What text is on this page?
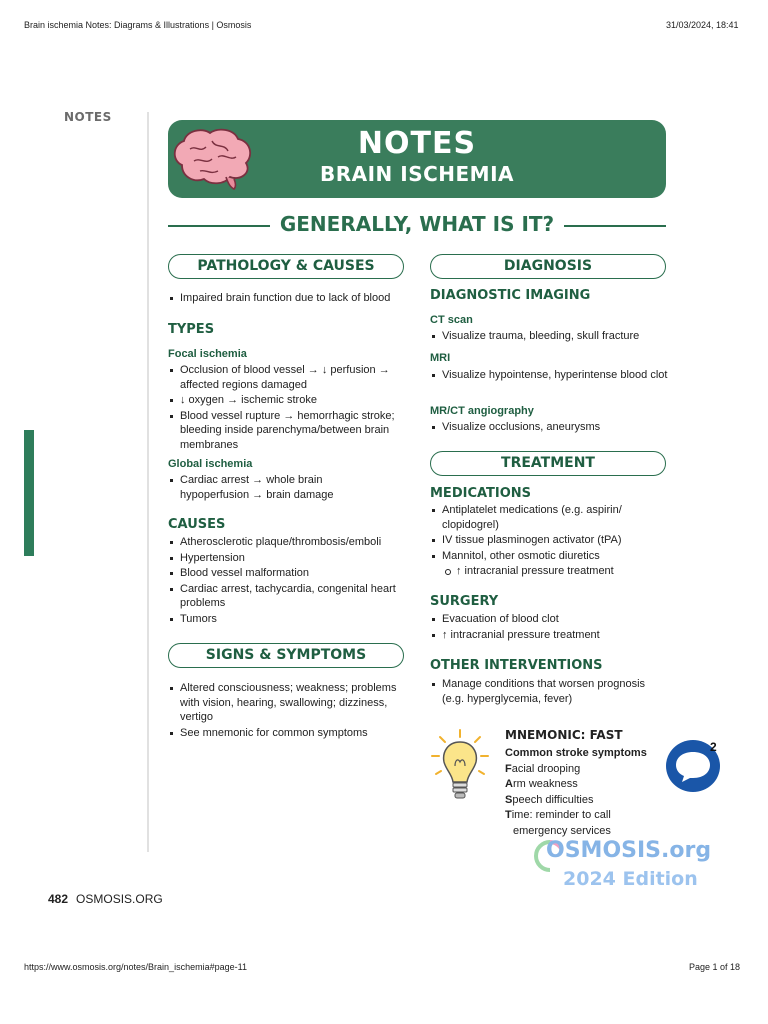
Brain ischemia Notes: Diagrams & Illustrations | Osmosis	31/03/2024, 18:41
https://www.osmosis.org/notes/Brain_ischemia#page-11	Page 1 of 18
NOTES
NOTES
BRAIN ISCHEMIA
GENERALLY, WHAT IS IT?
PATHOLOGY & CAUSES
Impaired brain function due to lack of blood
TYPES
Focal ischemia
Occlusion of blood vessel → ↓ perfusion → affected regions damaged
↓ oxygen → ischemic stroke
Blood vessel rupture → hemorrhagic stroke; bleeding inside parenchyma/between brain membranes
Global ischemia
Cardiac arrest → whole brain hypoperfusion → brain damage
CAUSES
Atherosclerotic plaque/thrombosis/emboli
Hypertension
Blood vessel malformation
Cardiac arrest, tachycardia, congenital heart problems
Tumors
SIGNS & SYMPTOMS
Altered consciousness; weakness; problems with vision, hearing, swallowing; dizziness, vertigo
See mnemonic for common symptoms
DIAGNOSIS
DIAGNOSTIC IMAGING
CT scan
Visualize trauma, bleeding, skull fracture
MRI
Visualize hypointense, hyperintense blood clot
MR/CT angiography
Visualize occlusions, aneurysms
TREATMENT
MEDICATIONS
Antiplatelet medications (e.g. aspirin/ clopidogrel)
IV tissue plasminogen activator (tPA)
Mannitol, other osmotic diuretics
↑ intracranial pressure treatment
SURGERY
Evacuation of blood clot
↑ intracranial pressure treatment
OTHER INTERVENTIONS
Manage conditions that worsen prognosis (e.g. hyperglycemia, fever)
MNEMONIC: FAST
Common stroke symptoms
Facial drooping
Arm weakness
Speech difficulties
Time: reminder to call
emergency services
2
OSMOSIS.org
2024 Edition
482 OSMOSIS.ORG
